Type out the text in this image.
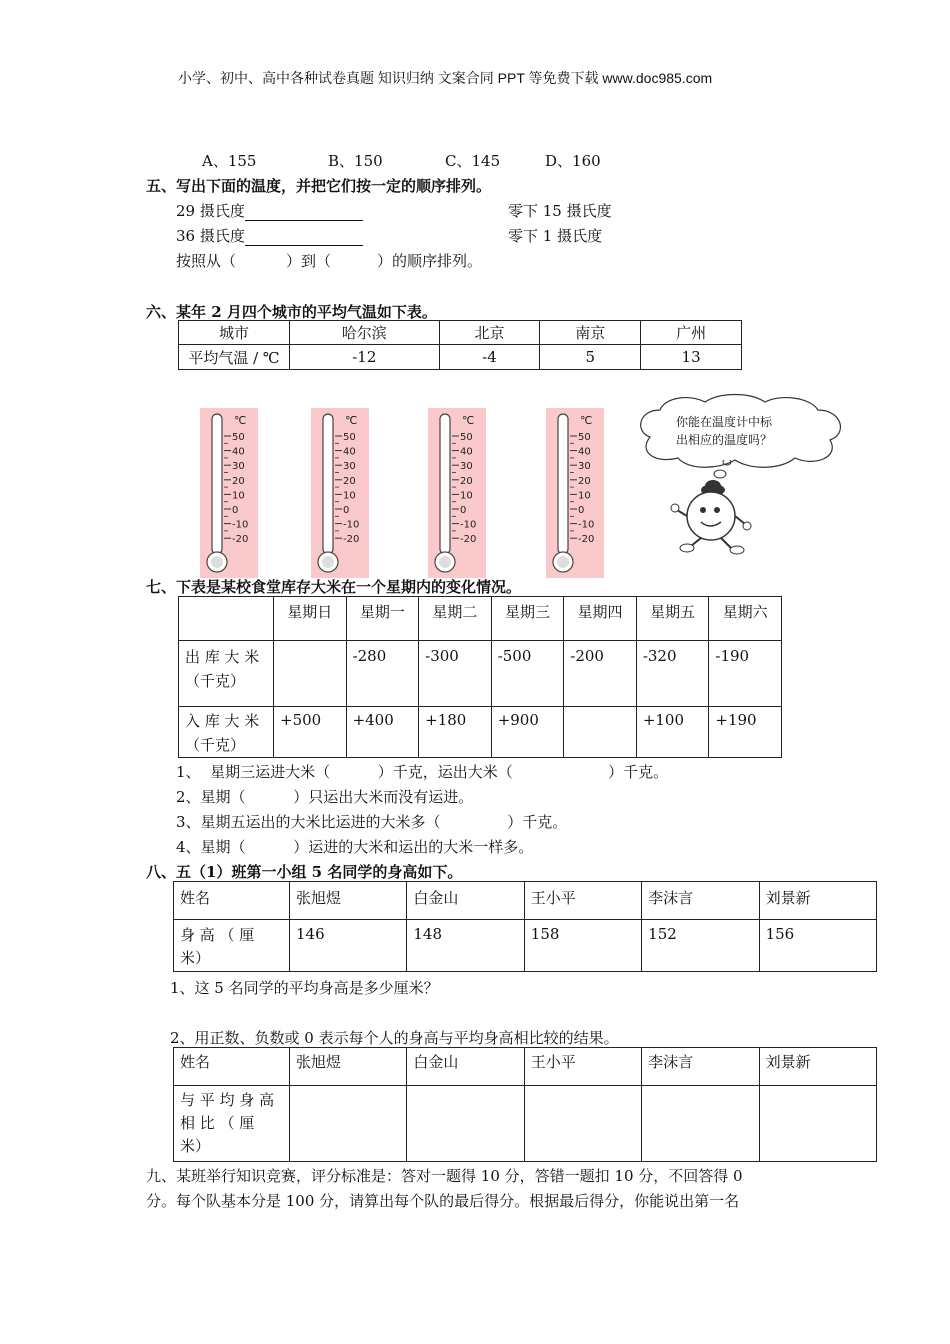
小学、初中、高中各种试卷真题 知识归纳 文案合同 PPT 等免费下载 www.doc985.com
A、155	B、150	C、145	D、160
五、写出下面的温度，并把它们按一定的顺序排列。
29 摄氏度	零下 15 摄氏度
36 摄氏度	零下 1 摄氏度
按照从（	）到（	）的顺序排列。
六、某年 2 月四个城市的平均气温如下表。
城市	哈尔滨	北京	南京	广州
平均气温 / ℃	-12	-4	5	13
℃
50
40
30
20
10
0
-10
-20
℃
50
40
30
20
10
0
-10
-20
℃
50
40
30
20
10
0
-10
-20
℃
50
40
30
20
10
0
-10
-20
你能在温度计中标
出相应的温度吗？
七、下表是某校食堂库存大米在一个星期内的变化情况。
	星期日	星期一	星期二	星期三	星期四	星期五	星期六

出 库 大 米
（千克）		-280	-300	-500	-200	-320	-190

入 库 大 米
（千克）	+500	+400	+180	+900		+100	+190
1、  星期三运进大米（          ）千克，运出大米（                    ）千克。
2、星期（          ）只运出大米而没有运进。
3、星期五运出的大米比运进的大米多（              ）千克。
4、星期（          ）运进的大米和运出的大米一样多。
八、五（1）班第一小组 5 名同学的身高如下。
姓名	张旭煜	白金山	王小平	李沫言	刘景新

身 高 （ 厘
米）	146	148	158	152	156
1、这 5 名同学的平均身高是多少厘米？
2、用正数、负数或 0 表示每个人的身高与平均身高相比较的结果。
姓名	张旭煜	白金山	王小平	李沫言	刘景新

与 平 均 身 高
相 比 （ 厘
米）					

九、某班举行知识竞赛，评分标准是：答对一题得 10 分，答错一题扣 10 分，不回答得 0
分。每个队基本分是 100 分，请算出每个队的最后得分。根据最后得分，你能说出第一名
